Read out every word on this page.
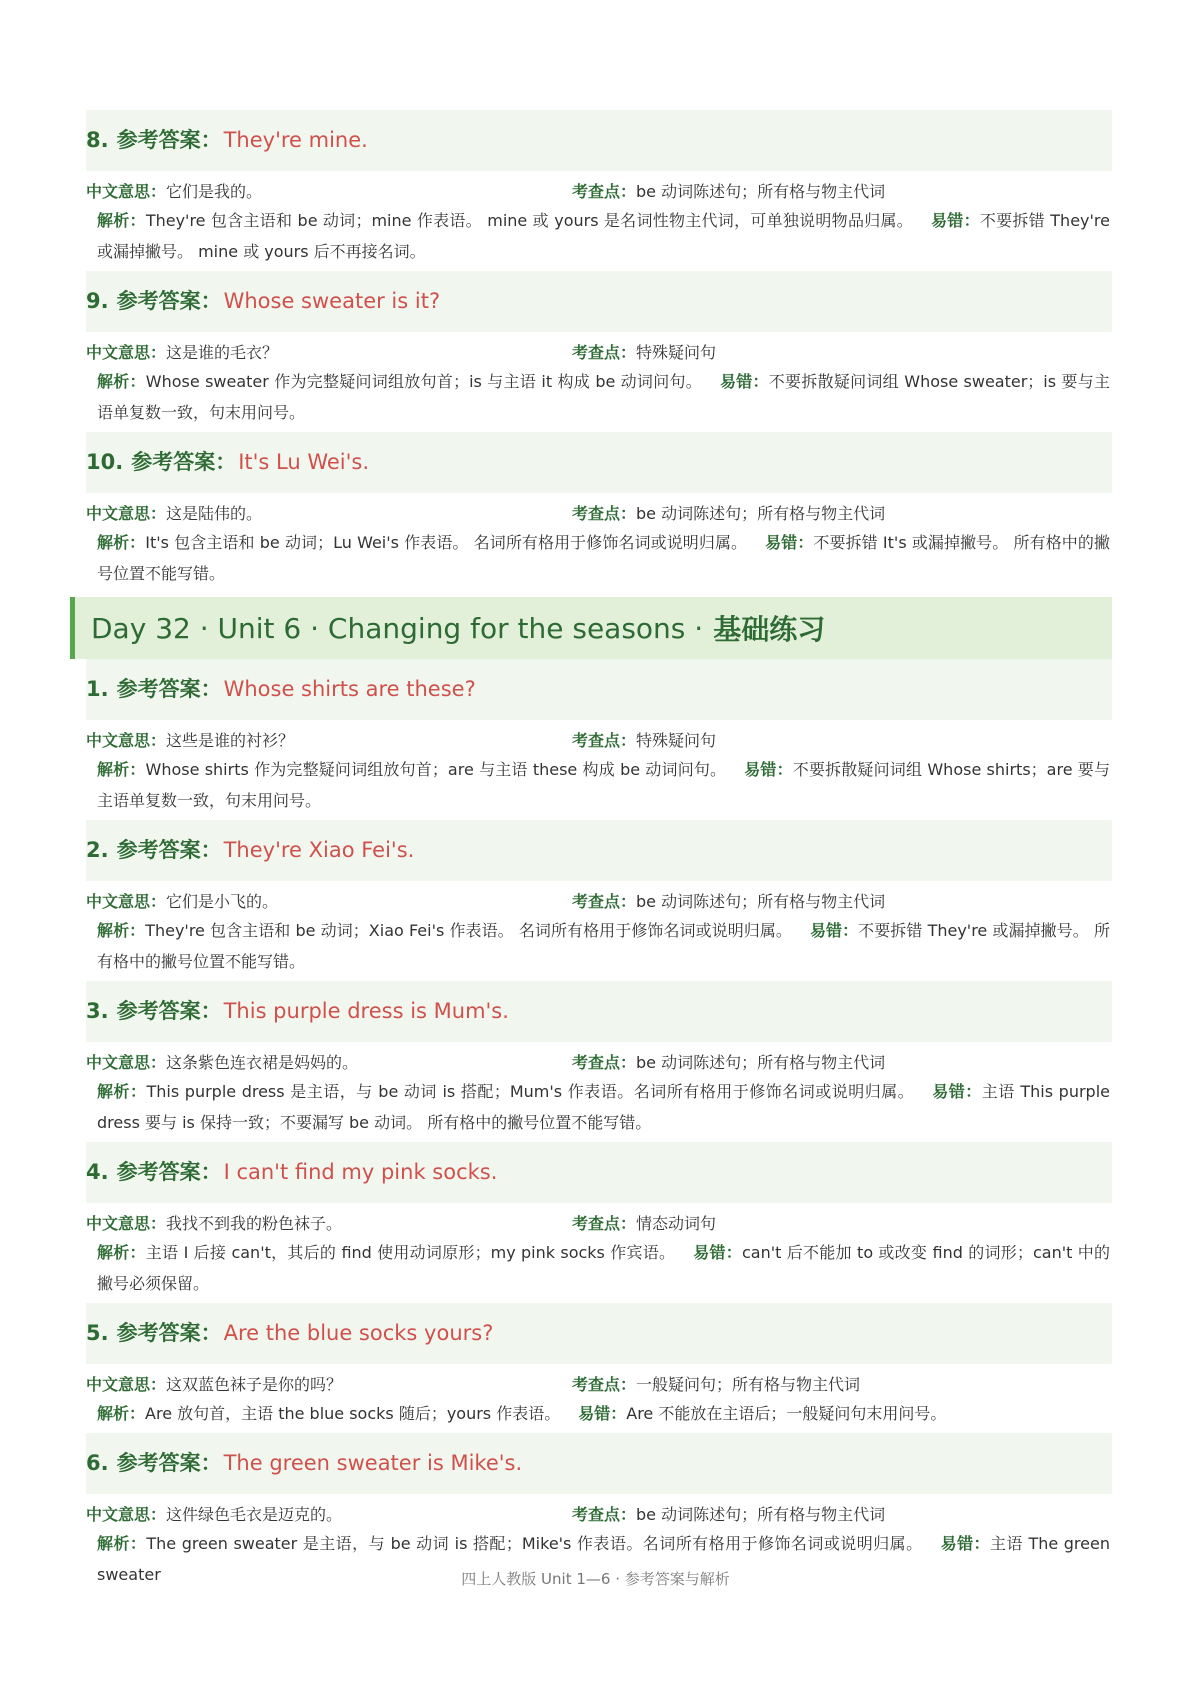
8. 参考答案： They're mine.
中文意思：它们是我的。	考查点：be 动词陈述句；所有格与物主代词
解析：They're 包含主语和 be 动词；mine 作表语。 mine 或 yours 是名词性物主代词，可单独说明物品归属。 易错：不要拆错 They're 或漏掉撇号。 mine 或 yours 后不再接名词。
9. 参考答案： Whose sweater is it?
中文意思：这是谁的毛衣？	考查点：特殊疑问句
解析：Whose sweater 作为完整疑问词组放句首；is 与主语 it 构成 be 动词问句。 易错：不要拆散疑问词组 Whose sweater；is 要与主语单复数一致，句末用问号。
10. 参考答案： It's Lu Wei's.
中文意思：这是陆伟的。	考查点：be 动词陈述句；所有格与物主代词
解析：It's 包含主语和 be 动词；Lu Wei's 作表语。 名词所有格用于修饰名词或说明归属。 易错：不要拆错 It's 或漏掉撇号。 所有格中的撇号位置不能写错。
Day 32 · Unit 6 · Changing for the seasons · 基础练习
1. 参考答案： Whose shirts are these?
中文意思：这些是谁的衬衫？	考查点：特殊疑问句
解析：Whose shirts 作为完整疑问词组放句首；are 与主语 these 构成 be 动词问句。 易错：不要拆散疑问词组 Whose shirts；are 要与主语单复数一致，句末用问号。
2. 参考答案： They're Xiao Fei's.
中文意思：它们是小飞的。	考查点：be 动词陈述句；所有格与物主代词
解析：They're 包含主语和 be 动词；Xiao Fei's 作表语。 名词所有格用于修饰名词或说明归属。 易错：不要拆错 They're 或漏掉撇号。 所有格中的撇号位置不能写错。
3. 参考答案： This purple dress is Mum's.
中文意思：这条紫色连衣裙是妈妈的。	考查点：be 动词陈述句；所有格与物主代词
解析：This purple dress 是主语，与 be 动词 is 搭配；Mum's 作表语。名词所有格用于修饰名词或说明归属。 易错：主语 This purple dress 要与 is 保持一致；不要漏写 be 动词。 所有格中的撇号位置不能写错。
4. 参考答案： I can't find my pink socks.
中文意思：我找不到我的粉色袜子。	考查点：情态动词句
解析：主语 I 后接 can't，其后的 find 使用动词原形；my pink socks 作宾语。 易错：can't 后不能加 to 或改变 find 的词形；can't 中的撇号必须保留。
5. 参考答案： Are the blue socks yours?
中文意思：这双蓝色袜子是你的吗？	考查点：一般疑问句；所有格与物主代词
解析：Are 放句首，主语 the blue socks 随后；yours 作表语。 易错：Are 不能放在主语后；一般疑问句末用问号。
6. 参考答案： The green sweater is Mike's.
中文意思：这件绿色毛衣是迈克的。	考查点：be 动词陈述句；所有格与物主代词
解析：The green sweater 是主语，与 be 动词 is 搭配；Mike's 作表语。名词所有格用于修饰名词或说明归属。 易错：主语 The green sweater	四上人教版 Unit 1—6 · 参考答案与解析
